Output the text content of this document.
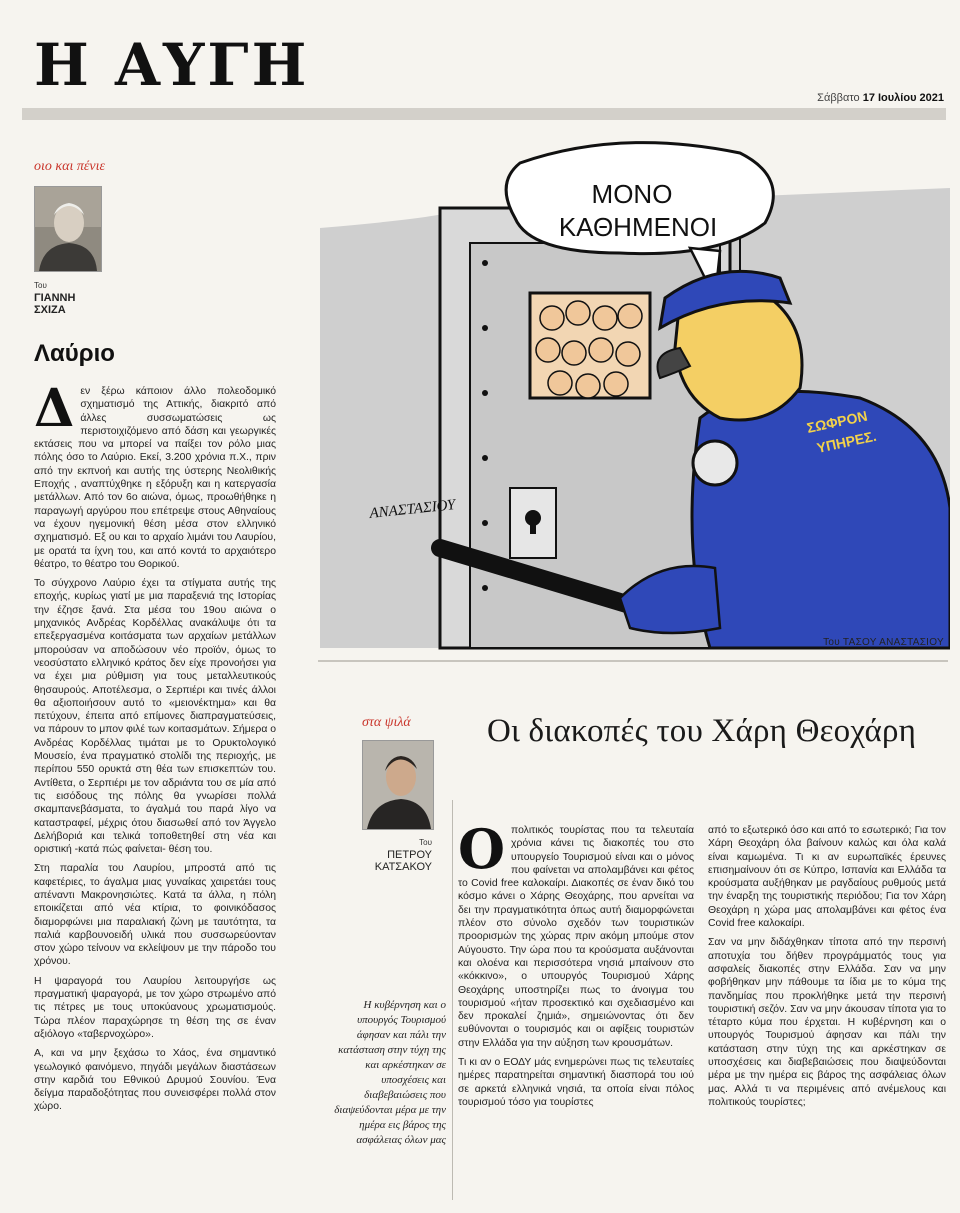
Η ΑΥΓΗ	Σάββατο 17 Ιουλίου 2021
οιο και πένιε
Του
ΓΙΑΝΝΗ
ΣΧΙΖΑ
Λαύριο

Δεν ξέρω κάποιον άλλο πολεοδομικό σχηματισμό της Αττικής, διακριτό από άλλες συσσωματώσεις ως περιστοιχιζόμενο από δάση και γεωργικές εκτάσεις που να μπορεί να παίξει τον ρόλο μιας πόλης όσο το Λαύριο. Εκεί, 3.200 χρόνια π.Χ., πριν από την εκπνοή και αυτής της ύστερης Νεολιθικής Εποχής , αναπτύχθηκε η εξόρυξη και η κατεργασία μετάλλων. Από τον 6ο αιώνα, όμως, προωθήθηκε η παραγωγή αργύρου που επέτρεψε στους Αθηναίους να έχουν ηγεμονική θέση μέσα στον ελληνικό σχηματισμό. Εξ ου και το αρχαίο λιμάνι του Λαυρίου, με ορατά τα ίχνη του, και από κοντά το αρχαιότερο θέατρο, το θέατρο του Θορικού.

Το σύγχρονο Λαύριο έχει τα στίγματα αυτής της εποχής, κυρίως γιατί με μια παραξενιά της Ιστορίας την έζησε ξανά. Στα μέσα του 19ου αιώνα ο μηχανικός Ανδρέας Κορδέλλας ανακάλυψε ότι τα επεξεργασμένα κοιτάσματα των αρχαίων μετάλλων μπορούσαν να αποδώσουν νέο προϊόν, όμως το νεοσύστατο ελληνικό κράτος δεν είχε προνοήσει για να έχει μια ρύθμιση για τους μεταλλευτικούς θησαυρούς. Αποτέλεσμα, ο Σερπιέρι και τινές άλλοι θα αξιοποιήσουν αυτό το «μειονέκτημα» και θα πετύχουν, έπειτα από επίμονες διαπραγματεύσεις, να πάρουν το μπον φιλέ των κοιτασμάτων. Σήμερα ο Ανδρέας Κορδέλλας τιμάται με το Ορυκτολογικό Μουσείο, ένα πραγματικό στολίδι της περιοχής, με περίπου 550 ορυκτά στη θέα των επισκεπτών του. Αντίθετα, ο Σερπιέρι με τον αδριάντα του σε μία από τις εισόδους της πόλης θα γνωρίσει πολλά σκαμπανεβάσματα, το άγαλμά του παρά λίγο να καταστραφεί, μέχρις ότου διασωθεί από τον Άγγελο Δελήβοριά και τελικά τοποθετηθεί στη νέα και οριστική -κατά πώς φαίνεται- θέση του.

Στη παραλία του Λαυρίου, μπροστά από τις καφετέριες, το άγαλμα μιας γυναίκας χαιρετάει τους απέναντι Μακρονησιώτες. Κατά τα άλλα, η πόλη εποικίζεται από νέα κτίρια, το φοινικόδασος διαμορφώνει μια παραλιακή ζώνη με ταυτότητα, τα παλιά καρβουνοειδή υλικά που συσσωρεύονταν στον χώρο τείνουν να εκλείψουν με την πάροδο του χρόνου.

Η ψαραγορά του Λαυρίου λειτουργήσε ως πραγματική ψαραγορά, με τον χώρο στρωμένο από τις πέτρες με τους υποκύανους χρωματισμούς. Τώρα πλέον παραχώρησε τη θέση της σε έναν αξιόλογο «ταβερνοχώρο».

Α, και να μην ξεχάσω το Χάος, ένα σημαντικό γεωλογικό φαινόμενο, πηγάδι μεγάλων διαστάσεων στην καρδιά του Εθνικού Δρυμού Σουνίου. Ένα δείγμα παραδοξότητας που συνεισφέρει πολλά στον χώρο.

ΜΟΝΟ
ΚΑΘΗΜΕΝΟΙ
ΣΩΦΡΟΝ
ΥΠΗΡΕΣ.
ΑΝΑΣΤΑΣΙΟΥ
Του ΤΑΣΟΥ ΑΝΑΣΤΑΣΙΟΥ
στα ψιλά
Του
ΠΕΤΡΟΥ
ΚΑΤΣΑΚΟΥ
Οι διακοπές του Χάρη Θεοχάρη
Η κυβέρνηση και ο υπουργός Τουρισμού άφησαν και πάλι την κατάσταση στην τύχη της και αρκέστηκαν σε υποσχέσεις και διαβεβαιώσεις που διαψεύδονται μέρα με την ημέρα εις βάρος της ασφάλειας όλων μας

Οπολιτικός τουρίστας που τα τελευταία χρόνια κάνει τις διακοπές του στο υπουργείο Τουρισμού είναι και ο μόνος που φαίνεται να απολαμβάνει και φέτος το Covid free καλοκαίρι. Διακοπές σε έναν δικό του κόσμο κάνει ο Χάρης Θεοχάρης, που αρνείται να δει την πραγματικότητα όπως αυτή διαμορφώνεται πλέον στο σύνολο σχεδόν των τουριστικών προορισμών της χώρας πριν ακόμη μπούμε στον Αύγουστο. Την ώρα που τα κρούσματα αυξάνονται και ολοένα και περισσότερα νησιά μπαίνουν στο «κόκκινο», ο υπουργός Τουρισμού Χάρης Θεοχάρης υποστηρίζει πως το άνοιγμα του τουρισμού «ήταν προσεκτικό και σχεδιασμένο και δεν προκαλεί ζημιά», σημειώνοντας ότι δεν ευθύνονται ο τουρισμός και οι αφίξεις τουριστών στην Ελλάδα για την αύξηση των κρουσμάτων.

Τι κι αν ο ΕΟΔΥ μάς ενημερώνει πως τις τελευταίες ημέρες παρατηρείται σημαντική διασπορά του ιού σε αρκετά ελληνικά νησιά, τα οποία είναι πόλος τουρισμού τόσο για τουρίστες

από το εξωτερικό όσο και από το εσωτερικό; Για τον Χάρη Θεοχάρη όλα βαίνουν καλώς και όλα καλά είναι καμωμένα. Τι κι αν ευρωπαϊκές έρευνες επισημαίνουν ότι σε Κύπρο, Ισπανία και Ελλάδα τα κρούσματα αυξήθηκαν με ραγδαίους ρυθμούς μετά την έναρξη της τουριστικής περιόδου; Για τον Χάρη Θεοχάρη η χώρα μας απολαμβάνει και φέτος ένα Covid free καλοκαίρι.

Σαν να μην διδάχθηκαν τίποτα από την περσινή αποτυχία του δήθεν προγράμματός τους για ασφαλείς διακοπές στην Ελλάδα. Σαν να μην φοβήθηκαν μην πάθουμε τα ίδια με το κύμα της πανδημίας που προκλήθηκε μετά την περσινή τουριστική σεζόν. Σαν να μην άκουσαν τίποτα για το τέταρτο κύμα που έρχεται. Η κυβέρνηση και ο υπουργός Τουρισμού άφησαν και πάλι την κατάσταση στην τύχη της και αρκέστηκαν σε υποσχέσεις και διαβεβαιώσεις που διαψεύδονται μέρα με την ημέρα εις βάρος της ασφάλειας όλων μας. Αλλά τι να περιμένεις από ανέμελους και πολιτικούς τουρίστες;
